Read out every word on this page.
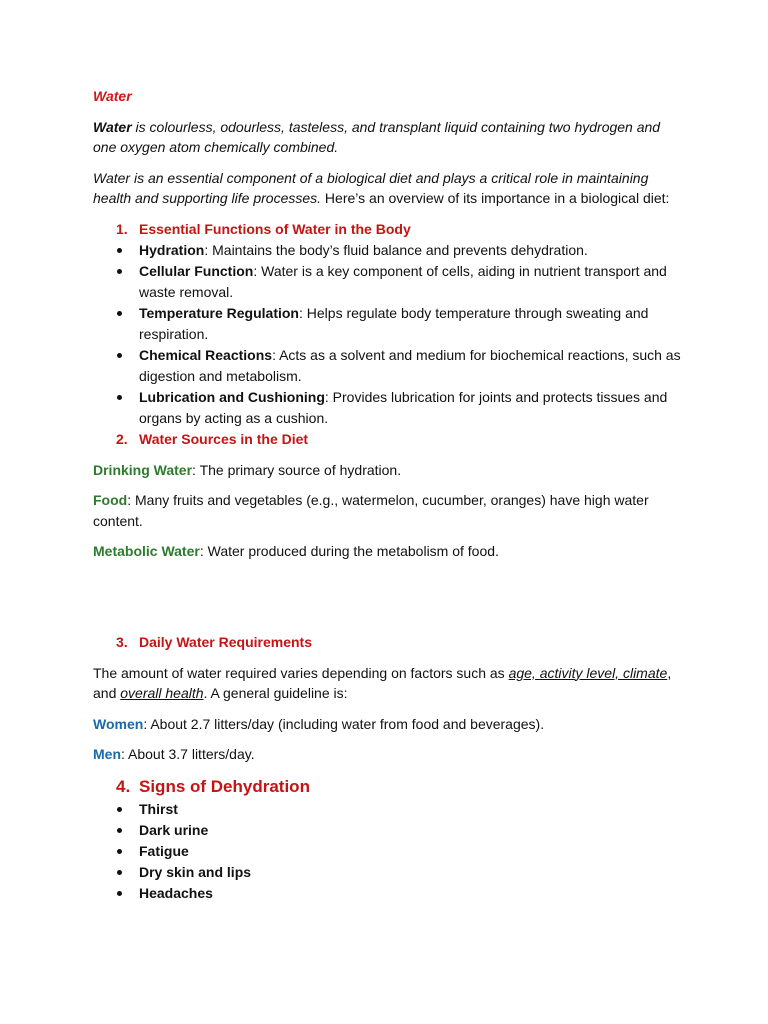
Water

Water is colourless, odourless, tasteless, and transplant liquid containing two hydrogen and one oxygen atom chemically combined.

Water is an essential component of a biological diet and plays a critical role in maintaining health and supporting life processes. Here’s an overview of its importance in a biological diet:

1. Essential Functions of Water in the Body
Hydration: Maintains the body’s fluid balance and prevents dehydration.
Cellular Function: Water is a key component of cells, aiding in nutrient transport and waste removal.
Temperature Regulation: Helps regulate body temperature through sweating and respiration.
Chemical Reactions: Acts as a solvent and medium for biochemical reactions, such as digestion and metabolism.
Lubrication and Cushioning: Provides lubrication for joints and protects tissues and organs by acting as a cushion.
2. Water Sources in the Diet

Drinking Water: The primary source of hydration.

Food: Many fruits and vegetables (e.g., watermelon, cucumber, oranges) have high water content.

Metabolic Water: Water produced during the metabolism of food.

3. Daily Water Requirements

The amount of water required varies depending on factors such as age, activity level, climate, and overall health. A general guideline is:

Women: About 2.7 litters/day (including water from food and beverages).

Men: About 3.7 litters/day.

4. Signs of Dehydration
Thirst
Dark urine
Fatigue
Dry skin and lips
Headaches
